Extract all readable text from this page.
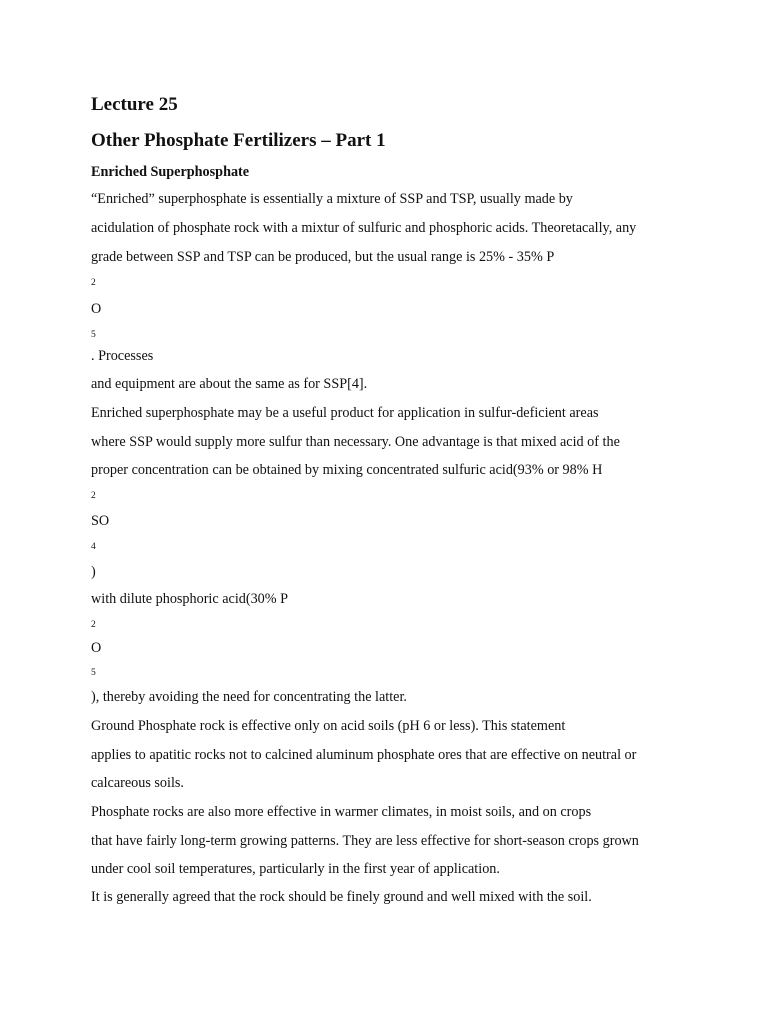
Lecture 25
Other Phosphate Fertilizers – Part 1
Enriched Superphosphate
“Enriched” superphosphate is essentially a mixture of SSP and TSP, usually made by
acidulation of phosphate rock with a mixtur of sulfuric and phosphoric acids. Theoretacally, any
grade between SSP and TSP can be produced, but the usual range is 25% - 35% P
2
O
5
. Processes
and equipment are about the same as for SSP[4].
Enriched superphosphate may be a useful product for application in sulfur-deficient areas
where SSP would supply more sulfur than necessary. One advantage is that mixed acid of the
proper concentration can be obtained by mixing concentrated sulfuric acid(93% or 98% H
2
SO
4
)
with dilute phosphoric acid(30% P
2
O
5
), thereby avoiding the need for concentrating the latter.
Ground Phosphate rock is effective only on acid soils (pH 6 or less). This statement
applies to apatitic rocks not to calcined aluminum phosphate ores that are effective on neutral or
calcareous soils.
Phosphate rocks are also more effective in warmer climates, in moist soils, and on crops
that have fairly long-term growing patterns. They are less effective for short-season crops grown
under cool soil temperatures, particularly in the first year of application.
It is generally agreed that the rock should be finely ground and well mixed with the soil.
